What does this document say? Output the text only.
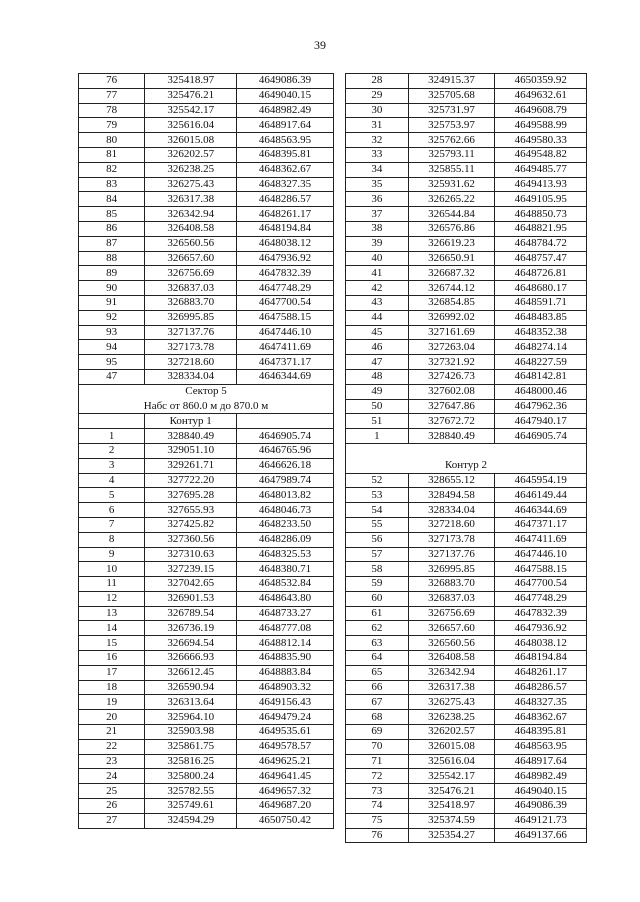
39
76	325418.97	4649086.39
77	325476.21	4649040.15
78	325542.17	4648982.49
79	325616.04	4648917.64
80	326015.08	4648563.95
81	326202.57	4648395.81
82	326238.25	4648362.67
83	326275.43	4648327.35
84	326317.38	4648286.57
85	326342.94	4648261.17
86	326408.58	4648194.84
87	326560.56	4648038.12
88	326657.60	4647936.92
89	326756.69	4647832.39
90	326837.03	4647748.29
91	326883.70	4647700.54
92	326995.85	4647588.15
93	327137.76	4647446.10
94	327173.78	4647411.69
95	327218.60	4647371.17
47	328334.04	4646344.69
Сектор 5		
Набс от 860.0 м до 870.0 м		
	Контур 1	
1	328840.49	4646905.74
2	329051.10	4646765.96
3	329261.71	4646626.18
4	327722.20	4647989.74
5	327695.28	4648013.82
6	327655.93	4648046.73
7	327425.82	4648233.50
8	327360.56	4648286.09
9	327310.63	4648325.53
10	327239.15	4648380.71
11	327042.65	4648532.84
12	326901.53	4648643.80
13	326789.54	4648733.27
14	326736.19	4648777.08
15	326694.54	4648812.14
16	326666.93	4648835.90
17	326612.45	4648883.84
18	326590.94	4648903.32
19	326313.64	4649156.43
20	325964.10	4649479.24
21	325903.98	4649535.61
22	325861.75	4649578.57
23	325816.25	4649625.21
24	325800.24	4649641.45
25	325782.55	4649657.32
26	325749.61	4649687.20
27	324594.29	4650750.42
28	324915.37	4650359.92
29	325705.68	4649632.61
30	325731.97	4649608.79
31	325753.97	4649588.99
32	325762.66	4649580.33
33	325793.11	4649548.82
34	325855.11	4649485.77
35	325931.62	4649413.93
36	326265.22	4649105.95
37	326544.84	4648850.73
38	326576.86	4648821.95
39	326619.23	4648784.72
40	326650.91	4648757.47
41	326687.32	4648726.81
42	326744.12	4648680.17
43	326854.85	4648591.71
44	326992.02	4648483.85
45	327161.69	4648352.38
46	327263.04	4648274.14
47	327321.92	4648227.59
48	327426.73	4648142.81
49	327602.08	4648000.46
50	327647.86	4647962.36
51	327672.72	4647940.17
1	328840.49	4646905.74

Контур 2		
52	328655.12	4645954.19
53	328494.58	4646149.44
54	328334.04	4646344.69
55	327218.60	4647371.17
56	327173.78	4647411.69
57	327137.76	4647446.10
58	326995.85	4647588.15
59	326883.70	4647700.54
60	326837.03	4647748.29
61	326756.69	4647832.39
62	326657.60	4647936.92
63	326560.56	4648038.12
64	326408.58	4648194.84
65	326342.94	4648261.17
66	326317.38	4648286.57
67	326275.43	4648327.35
68	326238.25	4648362.67
69	326202.57	4648395.81
70	326015.08	4648563.95
71	325616.04	4648917.64
72	325542.17	4648982.49
73	325476.21	4649040.15
74	325418.97	4649086.39
75	325374.59	4649121.73
76	325354.27	4649137.66
